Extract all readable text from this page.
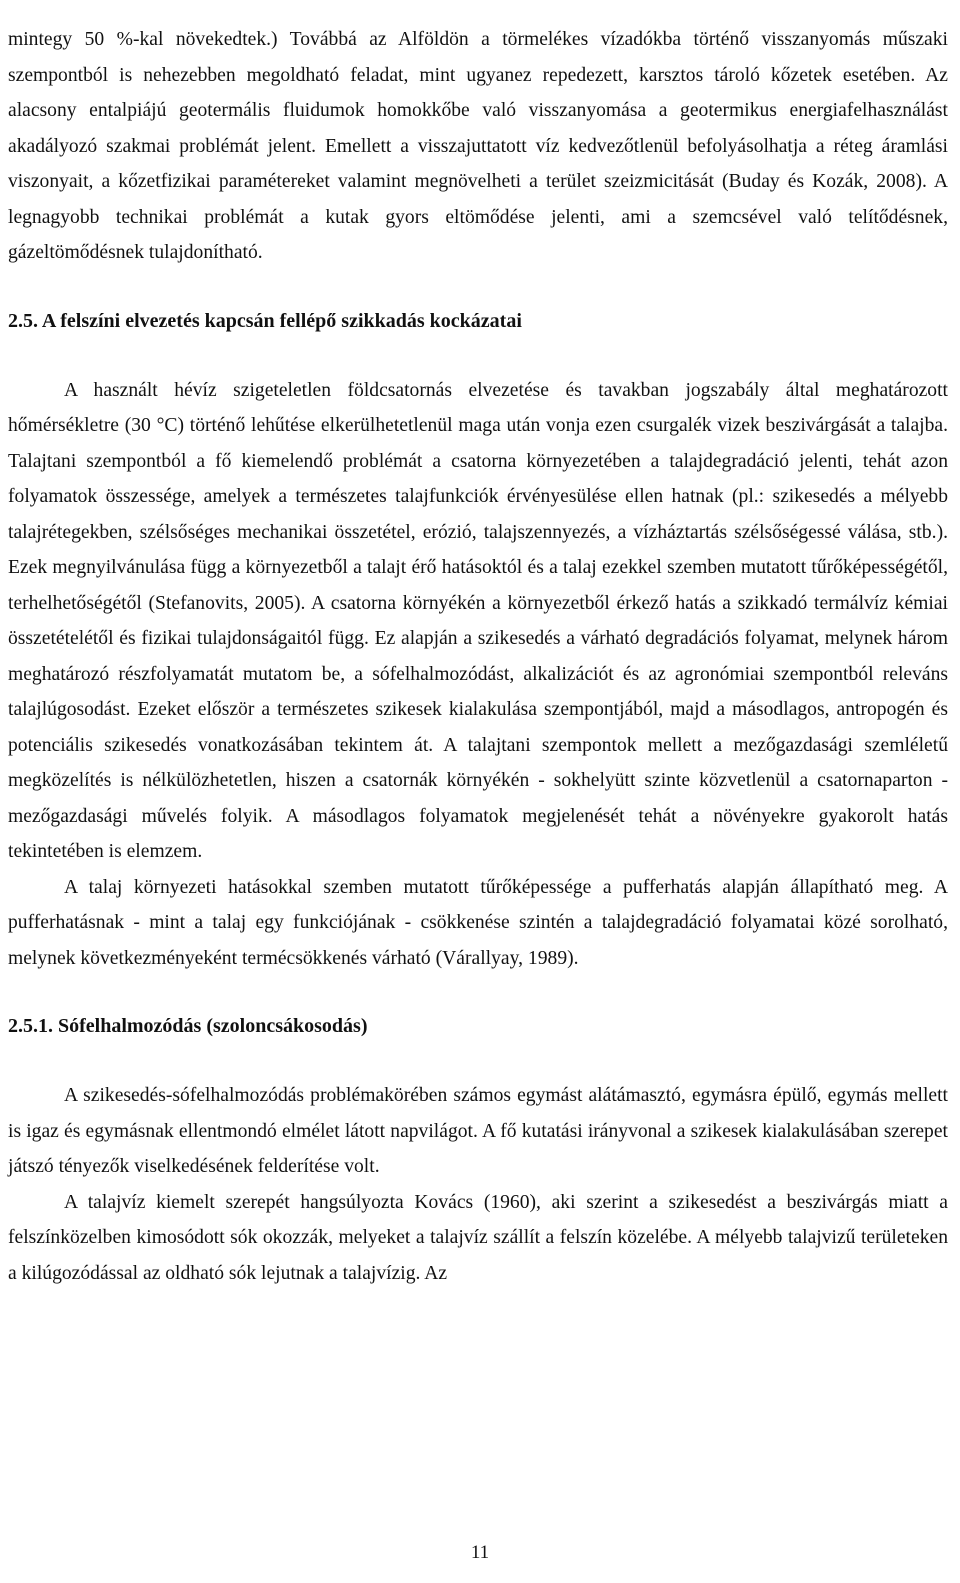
mintegy 50 %-kal növekedtek.) Továbbá az Alföldön a törmelékes vízadókba történő visszanyomás műszaki szempontból is nehezebben megoldható feladat, mint ugyanez repedezett, karsztos tároló kőzetek esetében. Az alacsony entalpiájú geotermális fluidumok homokkőbe való visszanyomása a geotermikus energiafelhasználást akadályozó szakmai problémát jelent. Emellett a visszajuttatott víz kedvezőtlenül befolyásolhatja a réteg áramlási viszonyait, a kőzetfizikai paramétereket valamint megnövelheti a terület szeizmicitását (Buday és Kozák, 2008). A legnagyobb technikai problémát a kutak gyors eltömődése jelenti, ami a szemcsével való telítődésnek, gázeltömődésnek tulajdonítható.

2.5. A felszíni elvezetés kapcsán fellépő szikkadás kockázatai

A használt hévíz szigeteletlen földcsatornás elvezetése és tavakban jogszabály által meghatározott hőmérsékletre (30 °C) történő lehűtése elkerülhetetlenül maga után vonja ezen csurgalék vizek beszivárgását a talajba. Talajtani szempontból a fő kiemelendő problémát a csatorna környezetében a talajdegradáció jelenti, tehát azon folyamatok összessége, amelyek a természetes talajfunkciók érvényesülése ellen hatnak (pl.: szikesedés a mélyebb talajrétegekben, szélsőséges mechanikai összetétel, erózió, talajszennyezés, a vízháztartás szélsőségessé válása, stb.). Ezek megnyilvánulása függ a környezetből a talajt érő hatásoktól és a talaj ezekkel szemben mutatott tűrőképességétől, terhelhetőségétől (Stefanovits, 2005). A csatorna környékén a környezetből érkező hatás a szikkadó termálvíz kémiai összetételétől és fizikai tulajdonságaitól függ. Ez alapján a szikesedés a várható degradációs folyamat, melynek három meghatározó részfolyamatát mutatom be, a sófelhalmozódást, alkalizációt és az agronómiai szempontból releváns talajlúgosodást. Ezeket először a természetes szikesek kialakulása szempontjából, majd a másodlagos, antropogén és potenciális szikesedés vonatkozásában tekintem át. A talajtani szempontok mellett a mezőgazdasági szemléletű megközelítés is nélkülözhetetlen, hiszen a csatornák környékén - sokhelyütt szinte közvetlenül a csatornaparton - mezőgazdasági művelés folyik. A másodlagos folyamatok megjelenését tehát a növényekre gyakorolt hatás tekintetében is elemzem.

A talaj környezeti hatásokkal szemben mutatott tűrőképessége a pufferhatás alapján állapítható meg. A pufferhatásnak - mint a talaj egy funkciójának - csökkenése szintén a talajdegradáció folyamatai közé sorolható, melynek következményeként termécsökkenés várható (Várallyay, 1989).

2.5.1. Sófelhalmozódás (szoloncsákosodás)

A szikesedés-sófelhalmozódás problémakörében számos egymást alátámasztó, egymásra épülő, egymás mellett is igaz és egymásnak ellentmondó elmélet látott napvilágot. A fő kutatási irányvonal a szikesek kialakulásában szerepet játszó tényezők viselkedésének felderítése volt.

A talajvíz kiemelt szerepét hangsúlyozta Kovács (1960), aki szerint a szikesedést a beszivárgás miatt a felszínközelben kimosódott sók okozzák, melyeket a talajvíz szállít a felszín közelébe. A mélyebb talajvizű területeken a kilúgozódással az oldható sók lejutnak a talajvízig. Az

11
